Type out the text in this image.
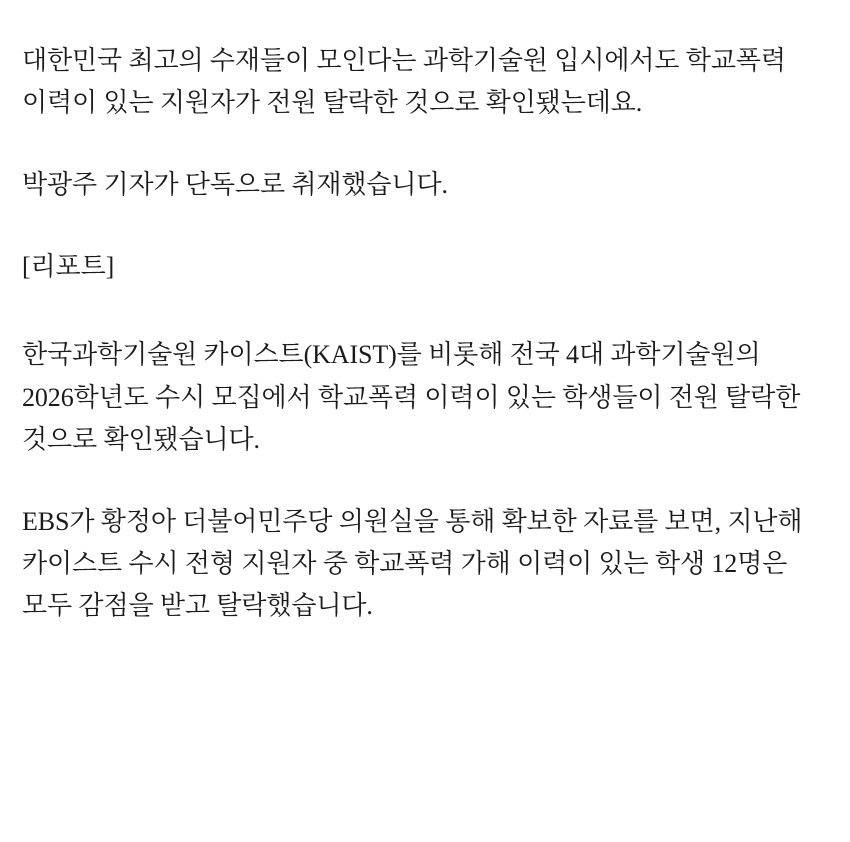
대한민국 최고의 수재들이 모인다는 과학기술원 입시에서도 학교폭력 이력이 있는 지원자가 전원 탈락한 것으로 확인됐는데요.

박광주 기자가 단독으로 취재했습니다.

[리포트]

한국과학기술원 카이스트(KAIST)를 비롯해 전국 4대 과학기술원의 2026학년도 수시 모집에서 학교폭력 이력이 있는 학생들이 전원 탈락한 것으로 확인됐습니다.

EBS가 황정아 더불어민주당 의원실을 통해 확보한 자료를 보면, 지난해 카이스트 수시 전형 지원자 중 학교폭력 가해 이력이 있는 학생 12명은 모두 감점을 받고 탈락했습니다.
